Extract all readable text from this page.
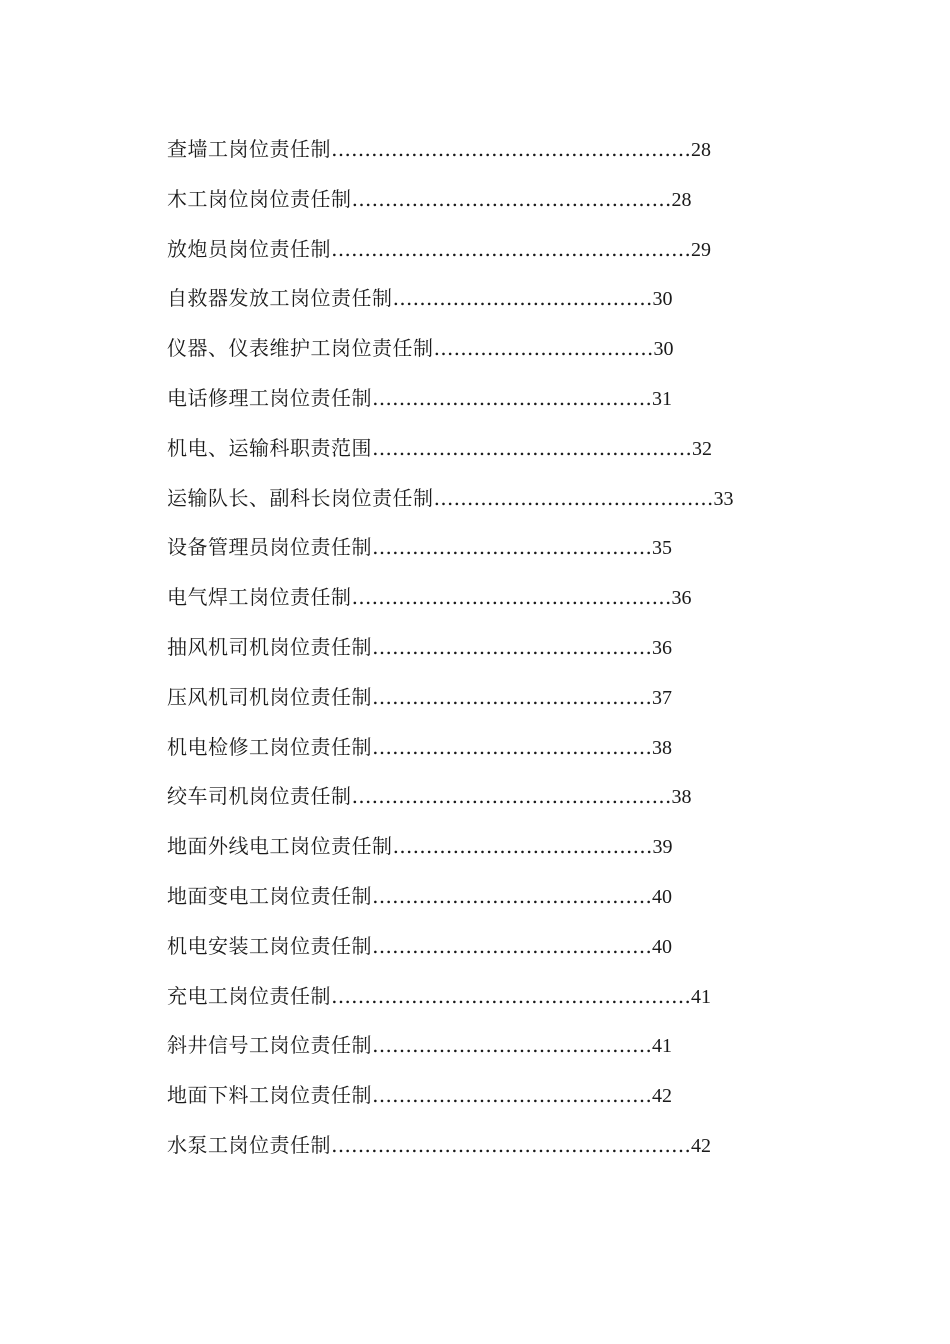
查墙工岗位责任制………………………………………………28
木工岗位岗位责任制…………………………………………28
放炮员岗位责任制………………………………………………29
自救器发放工岗位责任制…………………………………30
仪器、仪表维护工岗位责任制……………………………30
电话修理工岗位责任制……………………………………31
机电、运输科职责范围…………………………………………32
运输队长、副科长岗位责任制……………………………………33
设备管理员岗位责任制……………………………………35
电气焊工岗位责任制…………………………………………36
抽风机司机岗位责任制……………………………………36
压风机司机岗位责任制……………………………………37
机电检修工岗位责任制……………………………………38
绞车司机岗位责任制…………………………………………38
地面外线电工岗位责任制…………………………………39
地面变电工岗位责任制……………………………………40
机电安装工岗位责任制……………………………………40
充电工岗位责任制………………………………………………41
斜井信号工岗位责任制……………………………………41
地面下料工岗位责任制……………………………………42
水泵工岗位责任制………………………………………………42
